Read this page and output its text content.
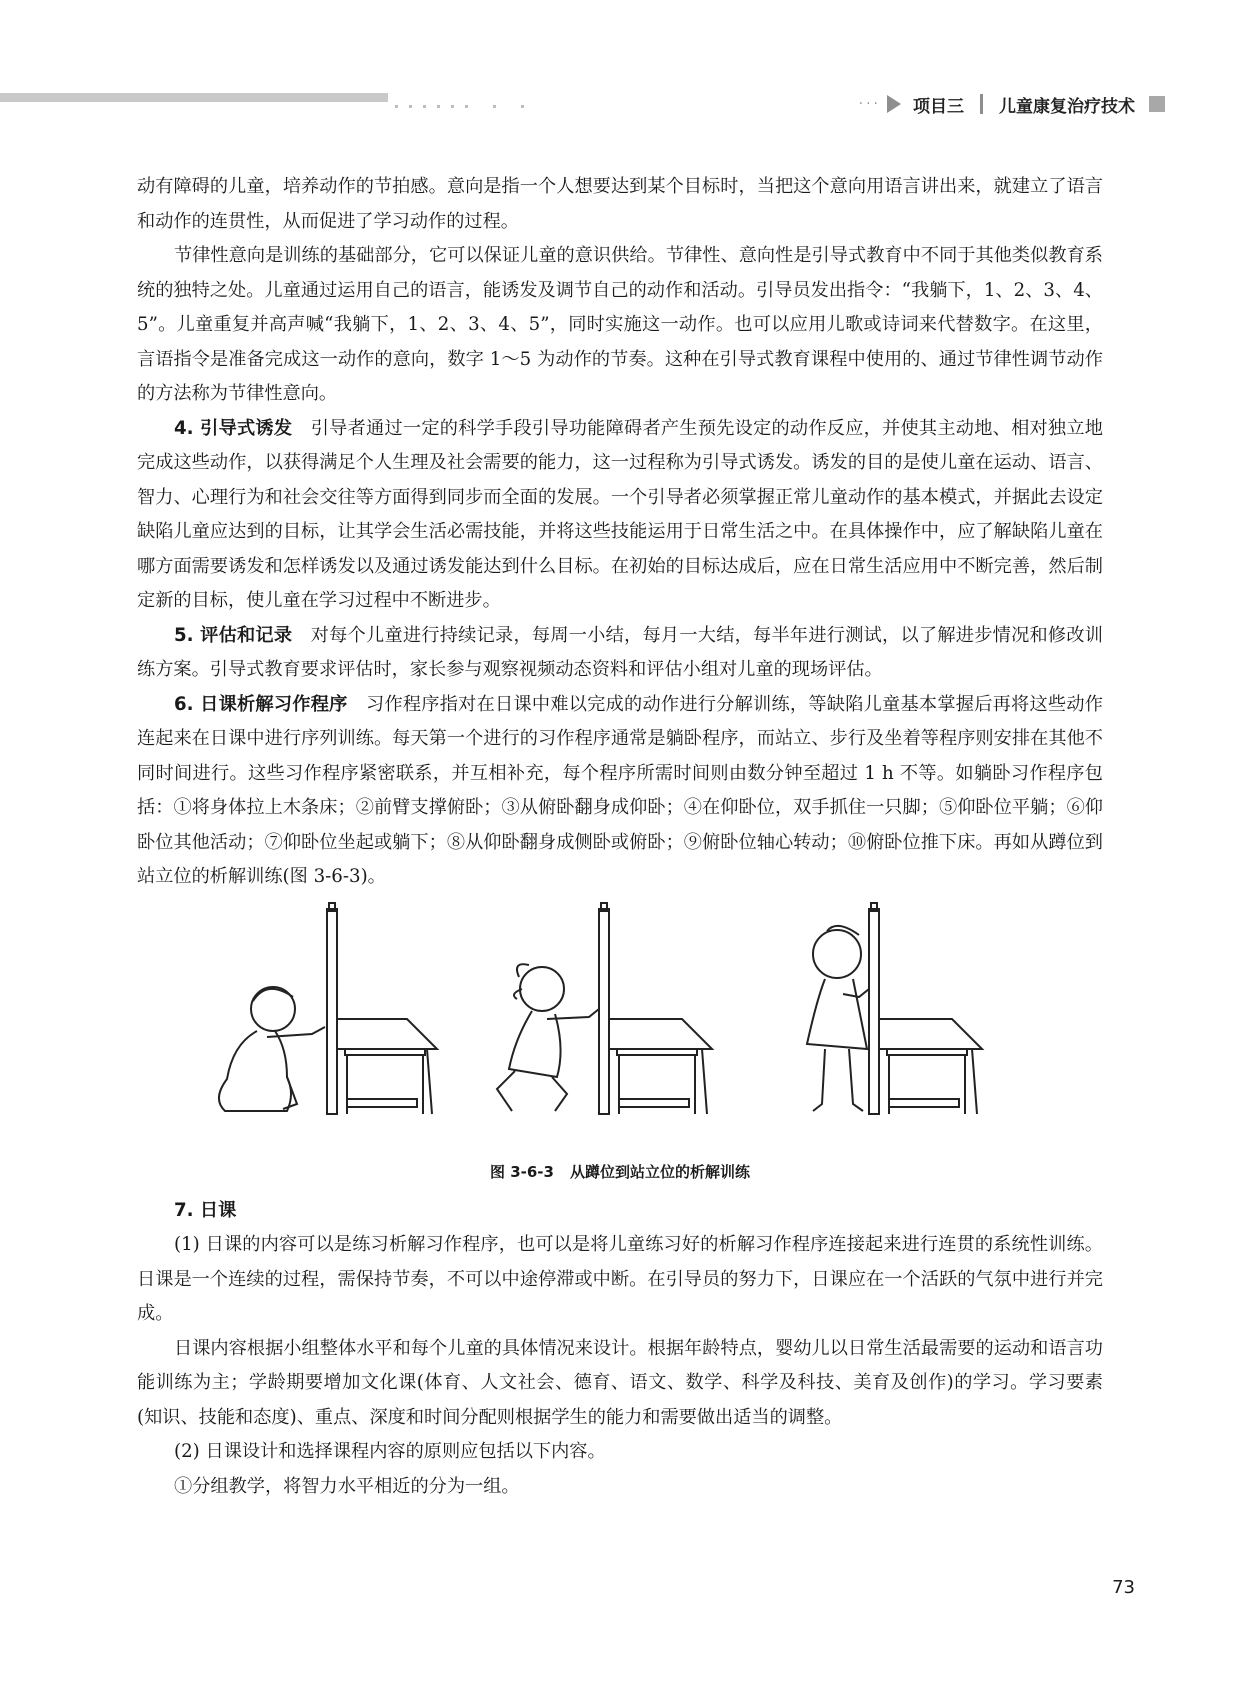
··· 项目三 儿童康复治疗技术

动有障碍的儿童，培养动作的节拍感。意向是指一个人想要达到某个目标时，当把这个意向用语言讲出来，就建立了语言和动作的连贯性，从而促进了学习动作的过程。

节律性意向是训练的基础部分，它可以保证儿童的意识供给。节律性、意向性是引导式教育中不同于其他类似教育系统的独特之处。儿童通过运用自己的语言，能诱发及调节自己的动作和活动。引导员发出指令：“我躺下，1、2、3、4、5”。儿童重复并高声喊“我躺下，1、2、3、4、5”，同时实施这一动作。也可以应用儿歌或诗词来代替数字。在这里，言语指令是准备完成这一动作的意向，数字 1～5 为动作的节奏。这种在引导式教育课程中使用的、通过节律性调节动作的方法称为节律性意向。

4. 引导式诱发　 引导者通过一定的科学手段引导功能障碍者产生预先设定的动作反应，并使其主动地、相对独立地完成这些动作，以获得满足个人生理及社会需要的能力，这一过程称为引导式诱发。诱发的目的是使儿童在运动、语言、智力、心理行为和社会交往等方面得到同步而全面的发展。一个引导者必须掌握正常儿童动作的基本模式，并据此去设定缺陷儿童应达到的目标，让其学会生活必需技能，并将这些技能运用于日常生活之中。在具体操作中，应了解缺陷儿童在哪方面需要诱发和怎样诱发以及通过诱发能达到什么目标。在初始的目标达成后，应在日常生活应用中不断完善，然后制定新的目标，使儿童在学习过程中不断进步。

5. 评估和记录　 对每个儿童进行持续记录，每周一小结，每月一大结，每半年进行测试，以了解进步情况和修改训练方案。引导式教育要求评估时，家长参与观察视频动态资料和评估小组对儿童的现场评估。

6. 日课析解习作程序　 习作程序指对在日课中难以完成的动作进行分解训练，等缺陷儿童基本掌握后再将这些动作连起来在日课中进行序列训练。每天第一个进行的习作程序通常是躺卧程序，而站立、步行及坐着等程序则安排在其他不同时间进行。这些习作程序紧密联系，并互相补充，每个程序所需时间则由数分钟至超过 1 h 不等。如躺卧习作程序包括：①将身体拉上木条床；②前臂支撑俯卧；③从俯卧翻身成仰卧；④在仰卧位，双手抓住一只脚；⑤仰卧位平躺；⑥仰卧位其他活动；⑦仰卧位坐起或躺下；⑧从仰卧翻身成侧卧或俯卧；⑨俯卧位轴心转动；⑩俯卧位推下床。再如从蹲位到站立位的析解训练(图 3-6-3)。

图 3-6-3 从蹲位到站立位的析解训练

7. 日课

(1) 日课的内容可以是练习析解习作程序，也可以是将儿童练习好的析解习作程序连接起来进行连贯的系统性训练。日课是一个连续的过程，需保持节奏，不可以中途停滞或中断。在引导员的努力下，日课应在一个活跃的气氛中进行并完成。

日课内容根据小组整体水平和每个儿童的具体情况来设计。根据年龄特点，婴幼儿以日常生活最需要的运动和语言功能训练为主；学龄期要增加文化课(体育、人文社会、德育、语文、数学、科学及科技、美育及创作)的学习。学习要素(知识、技能和态度)、重点、深度和时间分配则根据学生的能力和需要做出适当的调整。

(2) 日课设计和选择课程内容的原则应包括以下内容。

①分组教学，将智力水平相近的分为一组。

73
